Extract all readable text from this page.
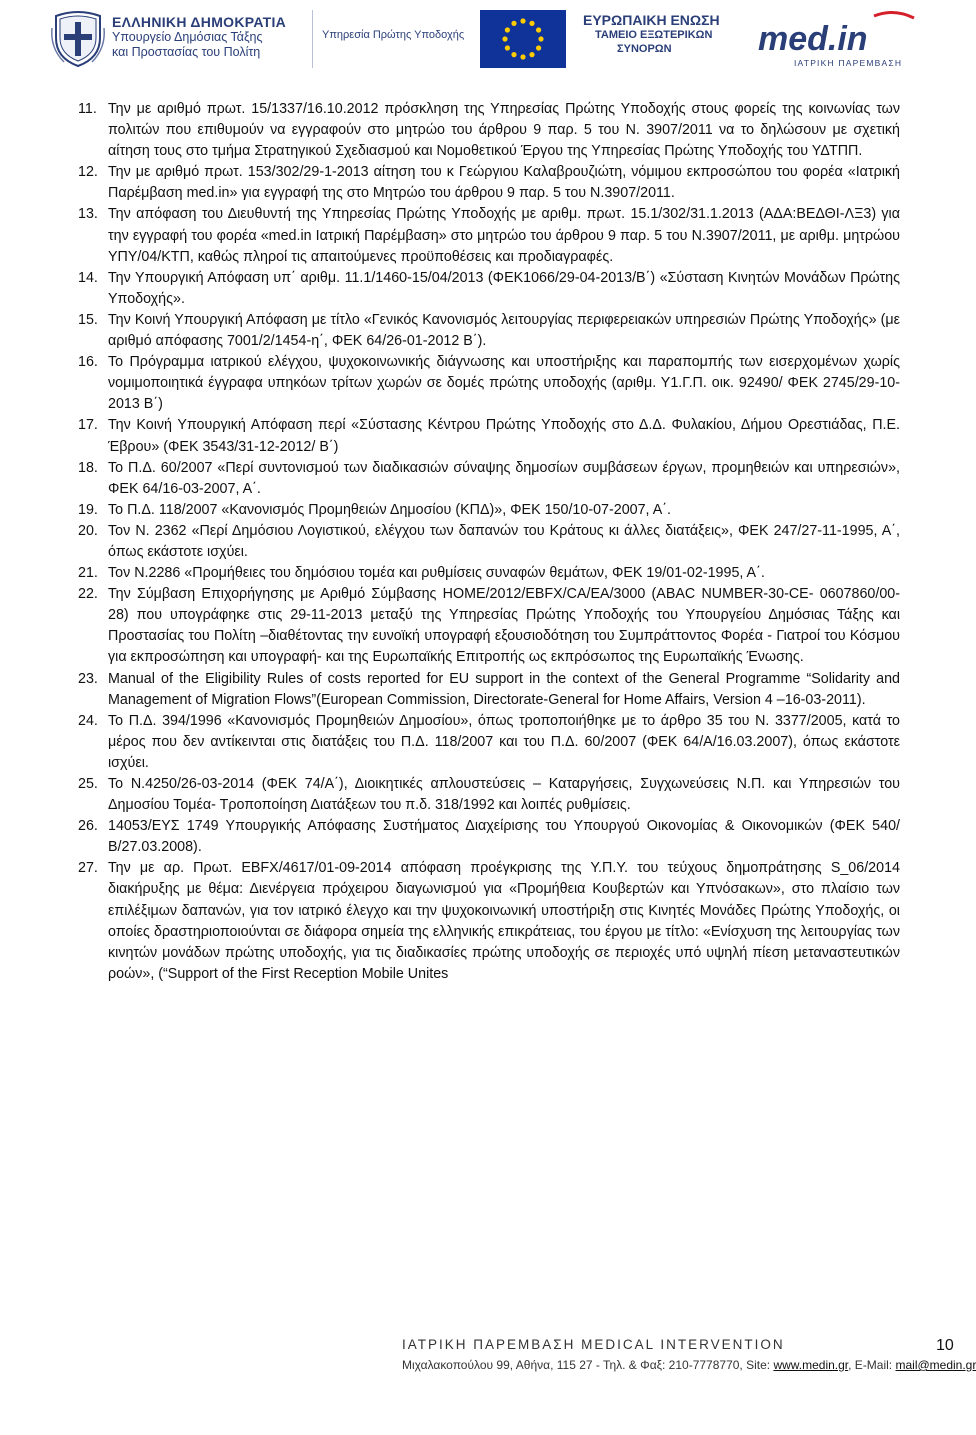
ΕΛΛΗΝΙΚΗ ΔΗΜΟΚΡΑΤΙΑ
Υπουργείο Δημόσιας Τάξης
και Προστασίας του Πολίτη
Υπηρεσία Πρώτης Υποδοχής
ΕΥΡΩΠΑΙΚΗ ΕΝΩΣΗ
ΤΑΜΕΙΟ ΕΞΩΤΕΡΙΚΩΝ
ΣΥΝΟΡΩΝ	med.in
ΙΑΤΡΙΚΗ ΠΑΡΕΜΒΑΣΗ
11. Την με αριθμό πρωτ. 15/1337/16.10.2012 πρόσκληση της Υπηρεσίας Πρώτης Υποδοχής στους φορείς της κοινωνίας των πολιτών που επιθυμούν να εγγραφούν στο μητρώο του άρθρου 9 παρ. 5 του Ν. 3907/2011 να το δηλώσουν με σχετική αίτηση τους στο τμήμα Στρατηγικού Σχεδιασμού και Νομοθετικού Έργου της Υπηρεσίας Πρώτης Υποδοχής του ΥΔΤΠΠ.
12. Την με αριθμό πρωτ. 153/302/29-1-2013 αίτηση του κ Γεώργιου Καλαβρουζιώτη, νόμιμου εκπροσώπου του φορέα «Ιατρική Παρέμβαση med.in» για εγγραφή της στο Μητρώο του άρθρου 9 παρ. 5 του Ν.3907/2011.
13. Την απόφαση του Διευθυντή της Υπηρεσίας Πρώτης Υποδοχής με αριθμ. πρωτ. 15.1/302/31.1.2013 (ΑΔΑ:ΒΕΔΘΙ-ΛΞ3) για την εγγραφή του φορέα «med.in Ιατρική Παρέμβαση» στο μητρώο του άρθρου 9 παρ. 5 του Ν.3907/2011, με αριθμ. μητρώου ΥΠΥ/04/ΚΤΠ, καθώς πληροί τις απαιτούμενες προϋποθέσεις και προδιαγραφές.
14. Την Υπουργική Απόφαση υπ΄ αριθμ. 11.1/1460-15/04/2013 (ΦΕΚ1066/29-04-2013/Β΄) «Σύσταση Κινητών Μονάδων Πρώτης Υποδοχής».
15. Την Κοινή Υπουργική Απόφαση με τίτλο «Γενικός Κανονισμός λειτουργίας περιφερειακών υπηρεσιών Πρώτης Υποδοχής» (με αριθμό απόφασης 7001/2/1454-η΄, ΦΕΚ 64/26-01-2012 Β΄).
16. Το Πρόγραμμα ιατρικού ελέγχου, ψυχοκοινωνικής διάγνωσης και υποστήριξης και παραπομπής των εισερχομένων χωρίς νομιμοποιητικά έγγραφα υπηκόων τρίτων χωρών σε δομές πρώτης υποδοχής (αριθμ. Υ1.Γ.Π. οικ. 92490/ ΦΕΚ 2745/29-10-2013 Β΄)
17. Την Κοινή Υπουργική Απόφαση περί «Σύστασης Κέντρου Πρώτης Υποδοχής στο Δ.Δ. Φυλακίου, Δήμου Ορεστιάδας, Π.Ε. Έβρου» (ΦΕΚ 3543/31-12-2012/ Β΄)
18. Το Π.Δ. 60/2007 «Περί συντονισμού των διαδικασιών σύναψης δημοσίων συμβάσεων έργων, προμηθειών και υπηρεσιών», ΦΕΚ 64/16-03-2007, Α΄.
19. Το Π.Δ. 118/2007 «Κανονισμός Προμηθειών Δημοσίου (ΚΠΔ)», ΦΕΚ 150/10-07-2007, Α΄.
20. Τον Ν. 2362 «Περί Δημόσιου Λογιστικού, ελέγχου των δαπανών του Κράτους κι άλλες διατάξεις», ΦΕΚ 247/27-11-1995, Α΄, όπως εκάστοτε ισχύει.
21. Τον Ν.2286 «Προμήθειες του δημόσιου τομέα και ρυθμίσεις συναφών θεμάτων, ΦΕΚ 19/01-02-1995, Α΄.
22. Την Σύμβαση Επιχορήγησης με Αριθμό Σύμβασης HOME/2012/EBFX/CA/EA/3000 (ABAC NUMBER-30-CE- 0607860/00-28) που υπογράφηκε στις 29-11-2013 μεταξύ της Υπηρεσίας Πρώτης Υποδοχής του Υπουργείου Δημόσιας Τάξης και Προστασίας του Πολίτη –διαθέτοντας την ευνοϊκή υπογραφή εξουσιοδότηση του Συμπράττοντος Φορέα - Γιατροί του Κόσμου για εκπροσώπηση και υπογραφή- και της Ευρωπαϊκής Επιτροπής ως εκπρόσωπος της Ευρωπαϊκής Ένωσης.
23. Manual of the Eligibility Rules of costs reported for EU support in the context of the General Programme “Solidarity and Management of Migration Flows”(European Commission, Directorate-General for Home Affairs, Version 4 –16-03-2011).
24. Το Π.Δ. 394/1996 «Κανονισμός Προμηθειών Δημοσίου», όπως τροποποιήθηκε με το άρθρο 35 του Ν. 3377/2005, κατά το μέρος που δεν αντίκεινται στις διατάξεις του Π.Δ. 118/2007 και του Π.Δ. 60/2007 (ΦΕΚ 64/Α/16.03.2007), όπως εκάστοτε ισχύει.
25. Το Ν.4250/26-03-2014 (ΦΕΚ 74/Α΄), Διοικητικές απλουστεύσεις – Καταργήσεις, Συγχωνεύσεις Ν.Π. και Υπηρεσιών του Δημοσίου Τομέα- Τροποποίηση Διατάξεων του π.δ. 318/1992 και λοιπές ρυθμίσεις.
26. 14053/ΕΥΣ 1749 Υπουργικής Απόφασης Συστήματος Διαχείρισης του Υπουργού Οικονομίας & Οικονομικών (ΦΕΚ 540/Β/27.03.2008).
27. Την με αρ. Πρωτ. EBFX/4617/01-09-2014 απόφαση προέγκρισης της Υ.Π.Υ. του τεύχους δημοπράτησης S_06/2014 διακήρυξης με θέμα: Διενέργεια πρόχειρου διαγωνισμού για «Προμήθεια Κουβερτών και Υπνόσακων», στο πλαίσιο των επιλέξιμων δαπανών, για τον ιατρικό έλεγχο και την ψυχοκοινωνική υποστήριξη στις Κινητές Μονάδες Πρώτης Υποδοχής, οι οποίες δραστηριοποιούνται σε διάφορα σημεία της ελληνικής επικράτειας, του έργου με τίτλο: «Ενίσχυση της λειτουργίας των κινητών μονάδων πρώτης υποδοχής, για τις διαδικασίες πρώτης υποδοχής σε περιοχές υπό υψηλή πίεση μεταναστευτικών ροών», (“Support of the First Reception Mobile Unites
ΙΑΤΡΙΚΗ ΠΑΡΕΜΒΑΣΗ MEDICAL INTERVENTION
Μιχαλακοπούλου 99, Αθήνα, 115 27 - Τηλ. & Φαξ: 210-7778770, Site: www.medin.gr, E-Mail: mail@medin.gr
10
